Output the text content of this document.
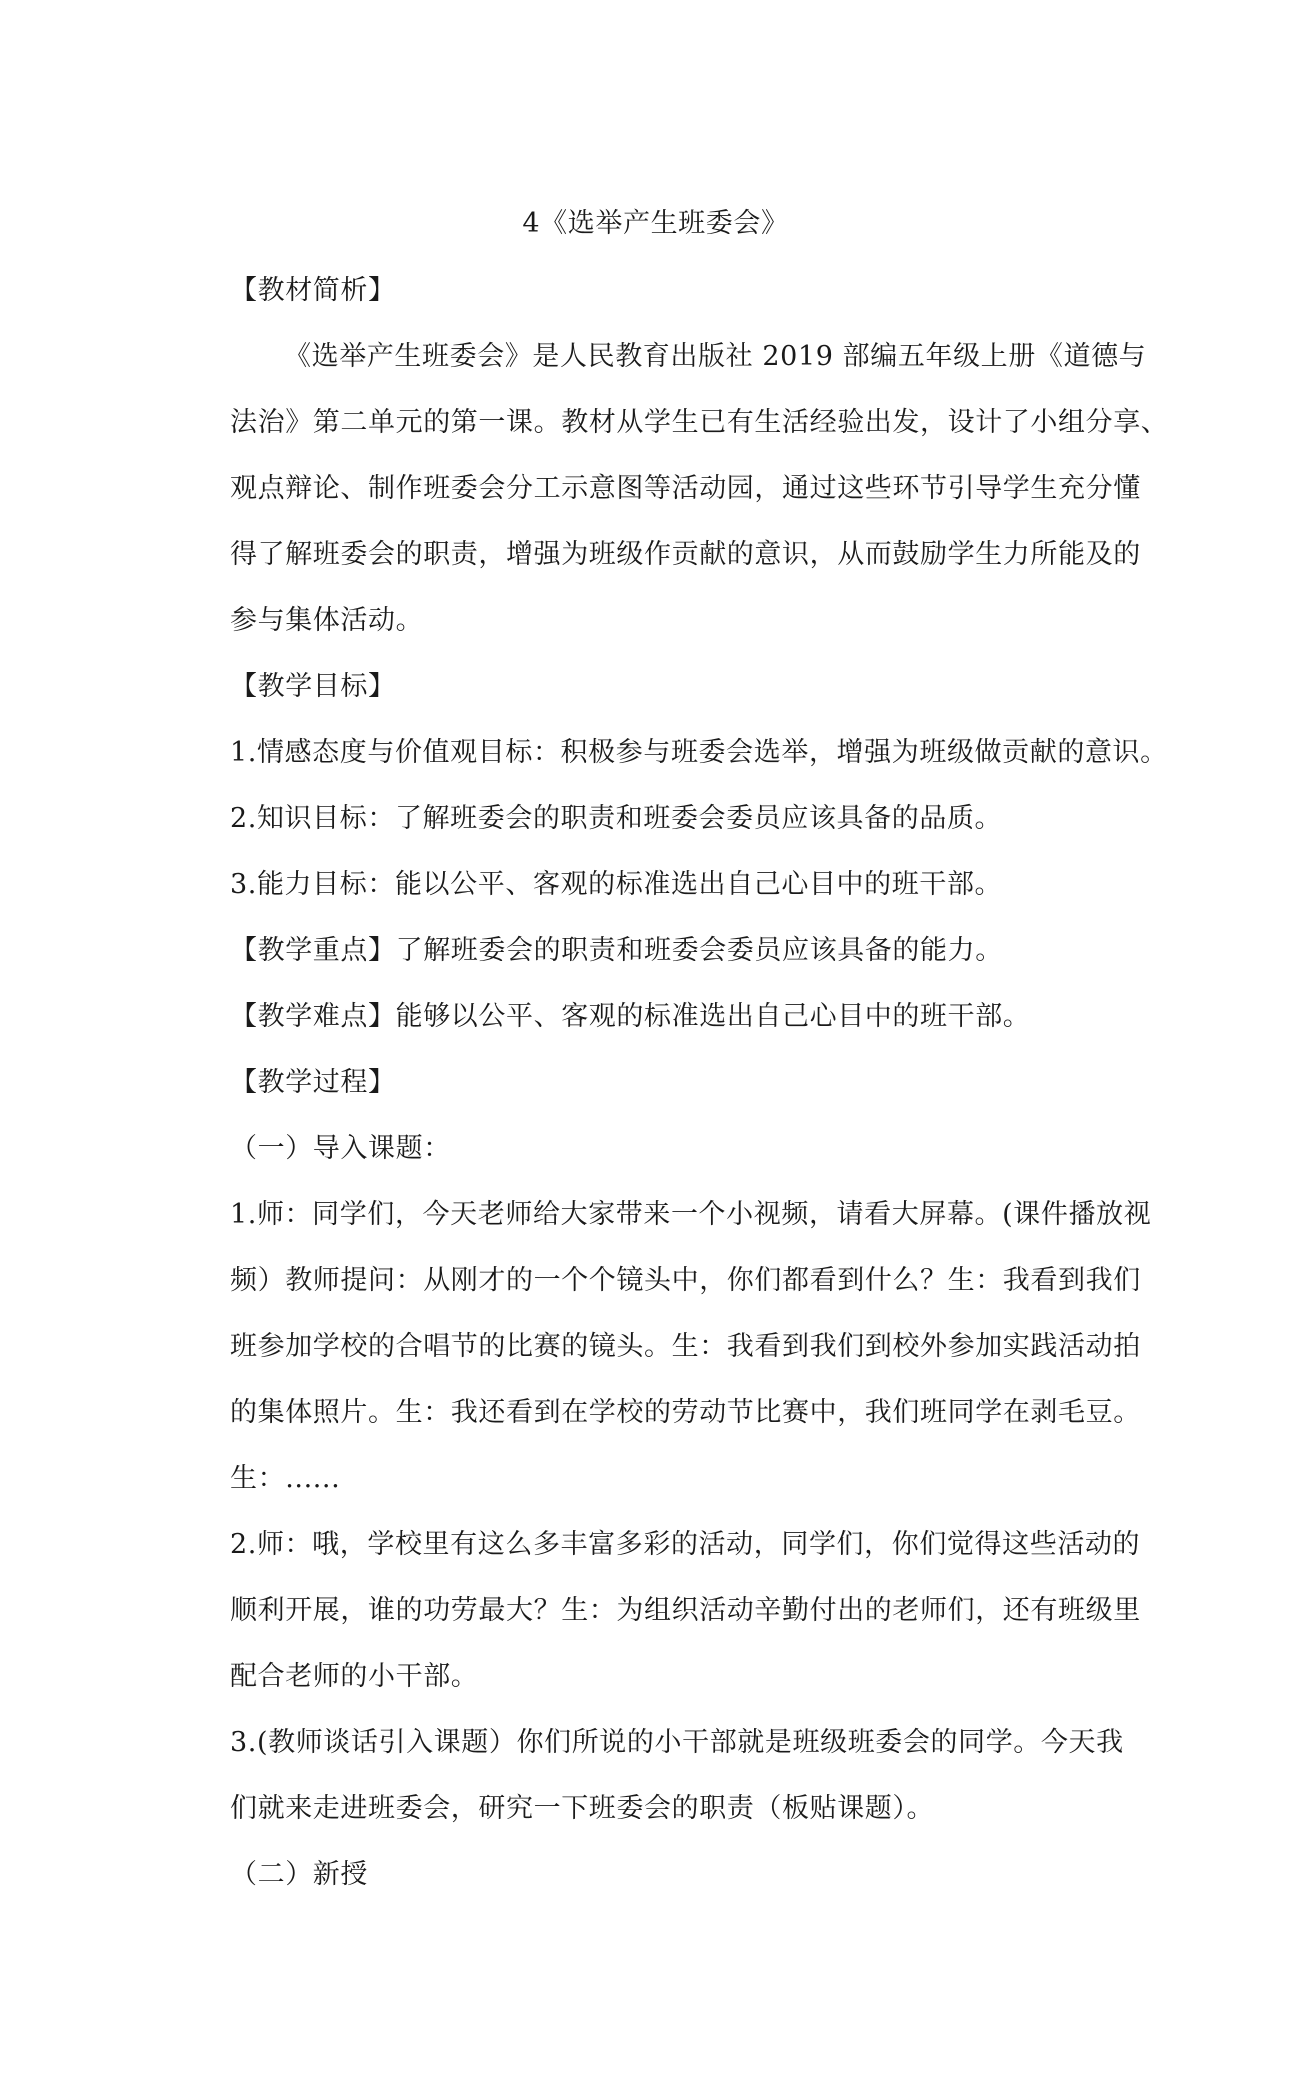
4《选举产生班委会》
【教材简析】
《选举产生班委会》是人民教育出版社 2019 部编五年级上册《道德与
法治》第二单元的第一课。教材从学生已有生活经验出发，设计了小组分享、
观点辩论、制作班委会分工示意图等活动园，通过这些环节引导学生充分懂
得了解班委会的职责，增强为班级作贡献的意识，从而鼓励学生力所能及的
参与集体活动。
【教学目标】
1.情感态度与价值观目标：积极参与班委会选举，增强为班级做贡献的意识。
2.知识目标：了解班委会的职责和班委会委员应该具备的品质。
3.能力目标：能以公平、客观的标准选出自己心目中的班干部。
【教学重点】了解班委会的职责和班委会委员应该具备的能力。
【教学难点】能够以公平、客观的标准选出自己心目中的班干部。
【教学过程】
（一）导入课题：
1.师：同学们，今天老师给大家带来一个小视频，请看大屏幕。(课件播放视
频）教师提问：从刚才的一个个镜头中，你们都看到什么？生：我看到我们
班参加学校的合唱节的比赛的镜头。生：我看到我们到校外参加实践活动拍
的集体照片。生：我还看到在学校的劳动节比赛中，我们班同学在剥毛豆。
生：......
2.师：哦，学校里有这么多丰富多彩的活动，同学们，你们觉得这些活动的
顺利开展，谁的功劳最大？生：为组织活动辛勤付出的老师们，还有班级里
配合老师的小干部。
3.(教师谈话引入课题）你们所说的小干部就是班级班委会的同学。今天我
们就来走进班委会，研究一下班委会的职责（板贴课题）。
（二）新授
